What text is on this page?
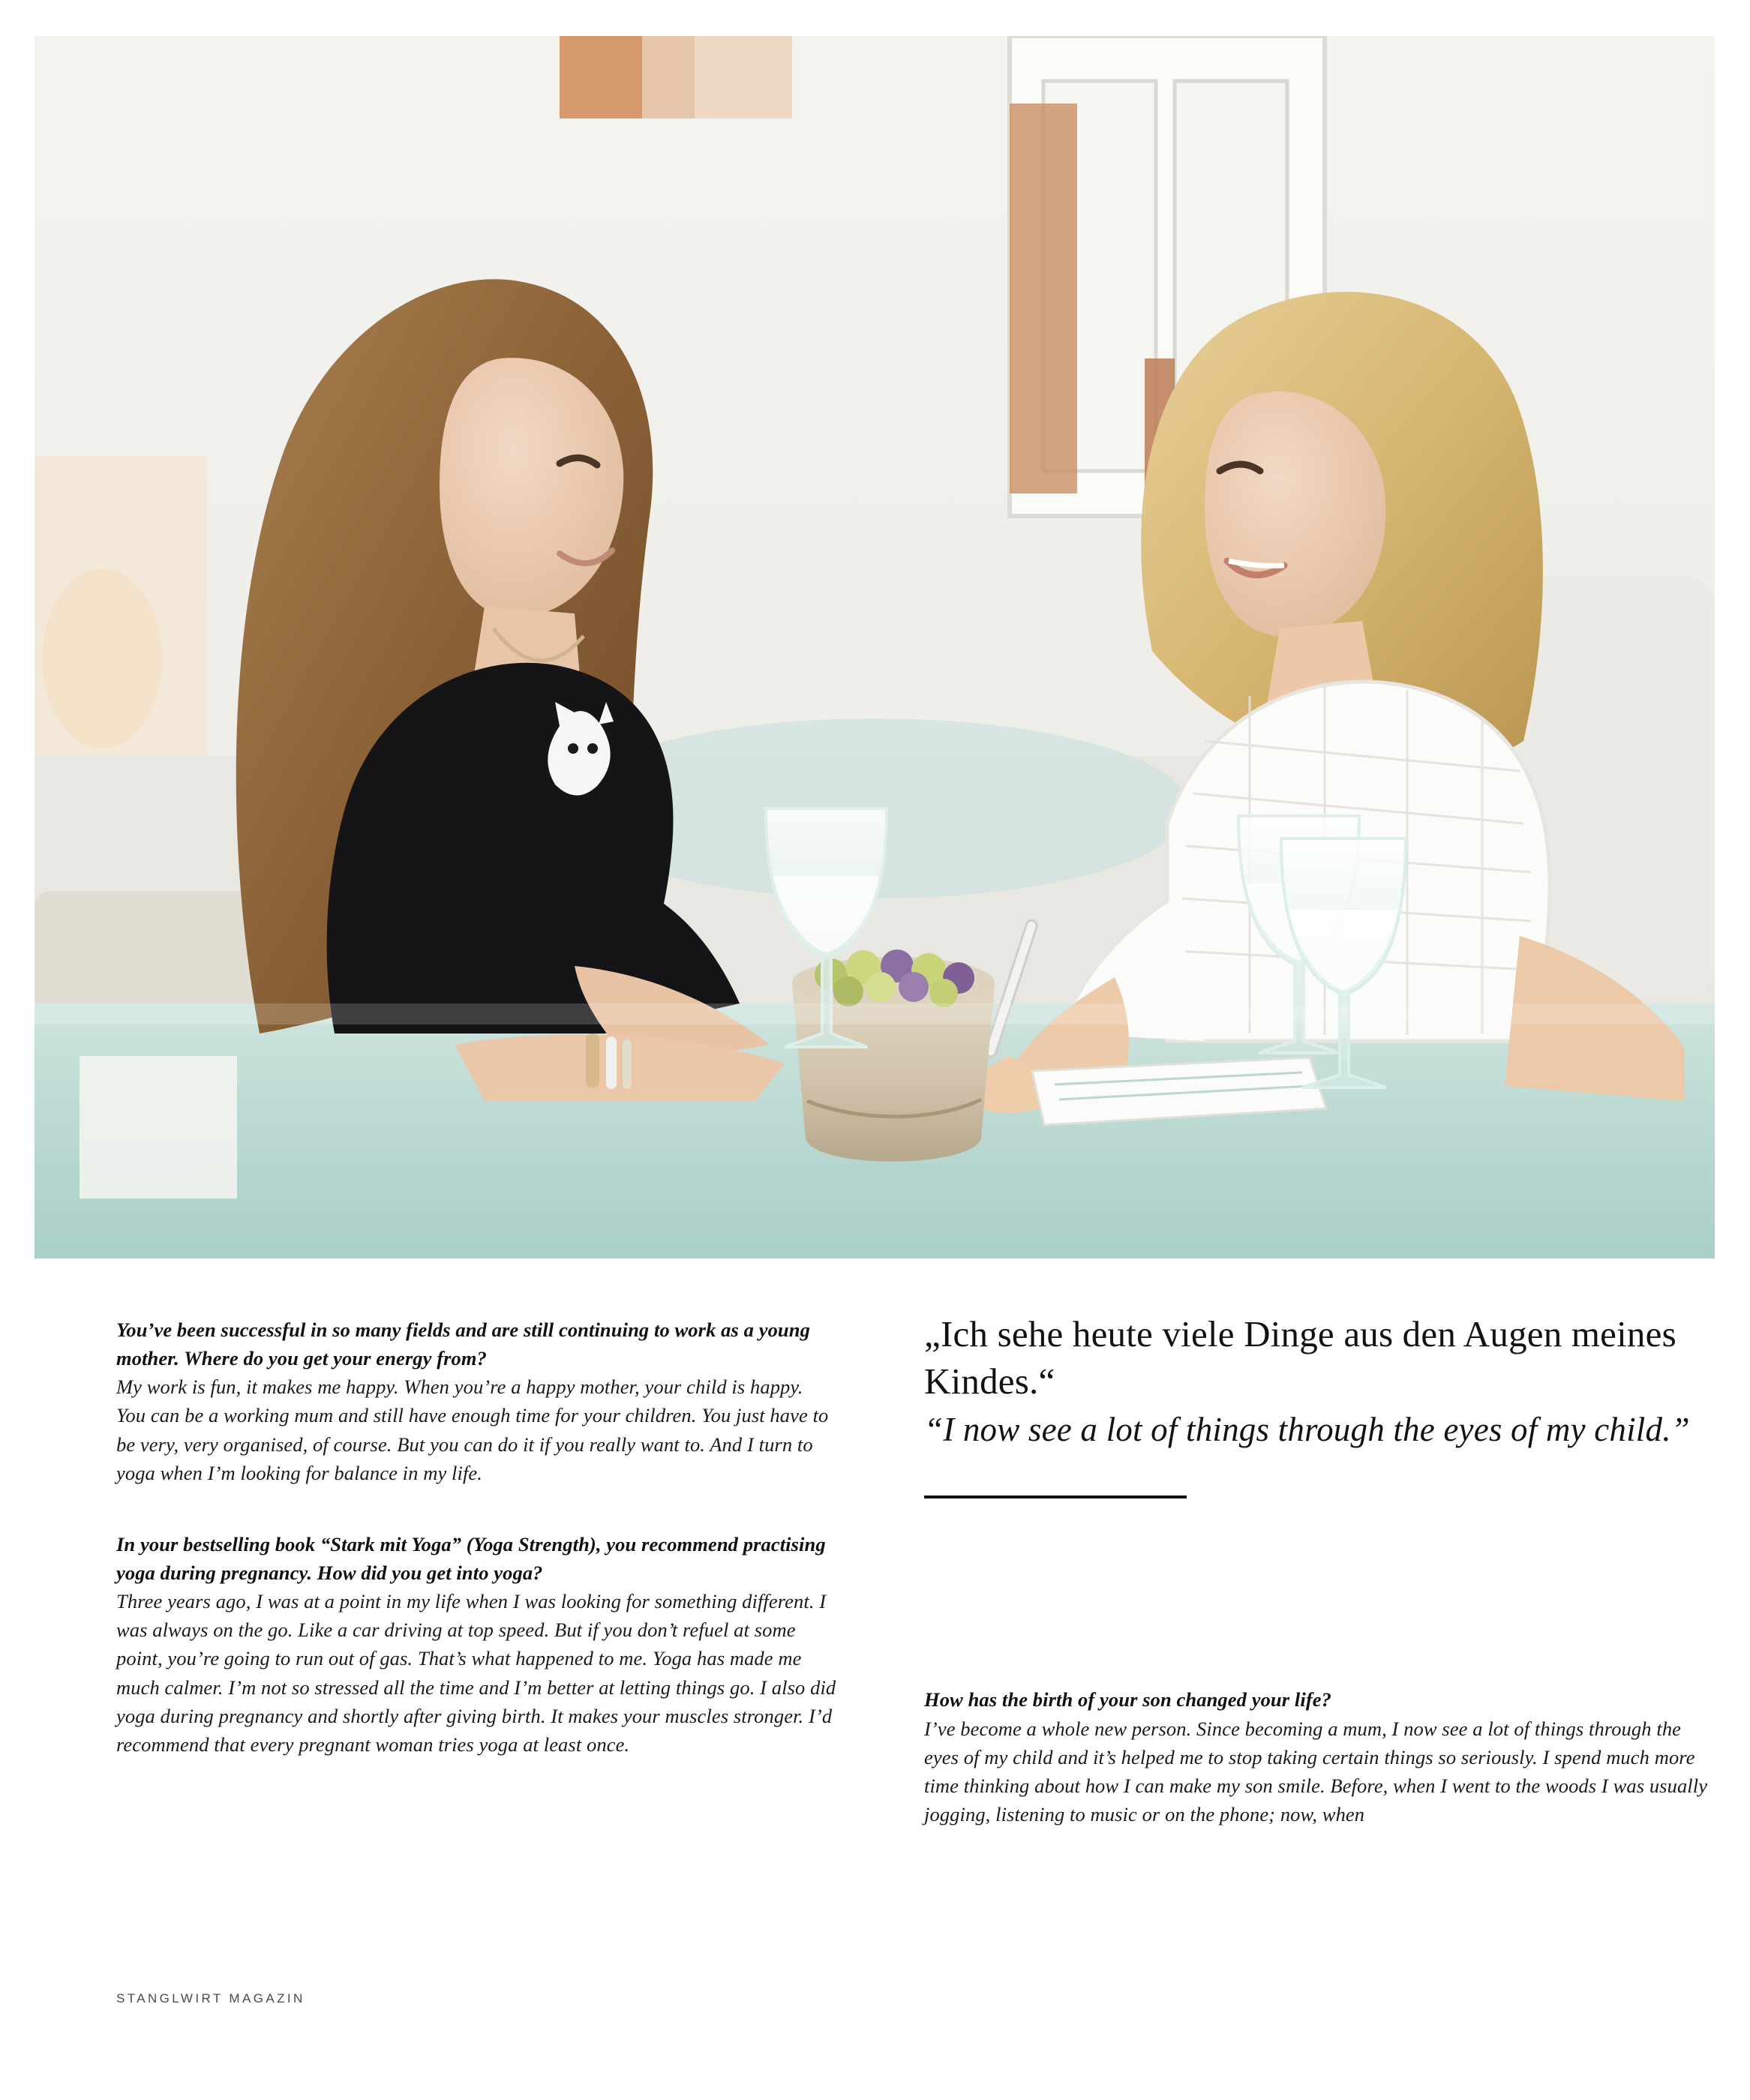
You’ve been successful in so many fields and are still continuing to work as a young mother. Where do you get your energy from?
My work is fun, it makes me happy. When you’re a happy mother, your child is happy. You can be a working mum and still have enough time for your children. You just have to be very, very organised, of course. But you can do it if you really want to. And I turn to yoga when I’m looking for balance in my life.
In your bestselling book “Stark mit Yoga” (Yoga Strength), you recommend practising yoga during pregnancy. How did you get into yoga?
Three years ago, I was at a point in my life when I was looking for something different. I was always on the go. Like a car driving at top speed. But if you don’t refuel at some point, you’re going to run out of gas. That’s what happened to me. Yoga has made me much calmer. I’m not so stressed all the time and I’m better at letting things go. I also did yoga during pregnancy and shortly after giving birth. It makes your muscles stronger. I’d recommend that every pregnant woman tries yoga at least once.
„Ich sehe heute viele Dinge aus den Augen meines Kindes.“
“I now see a lot of things through the eyes of my child.”
How has the birth of your son changed your life?
I’ve become a whole new person. Since becoming a mum, I now see a lot of things through the eyes of my child and it’s helped me to stop taking certain things so seriously. I spend much more time thinking about how I can make my son smile. Before, when I went to the woods I was usually jogging, listening to music or on the phone; now, when
STANGLWIRT MAGAZIN
